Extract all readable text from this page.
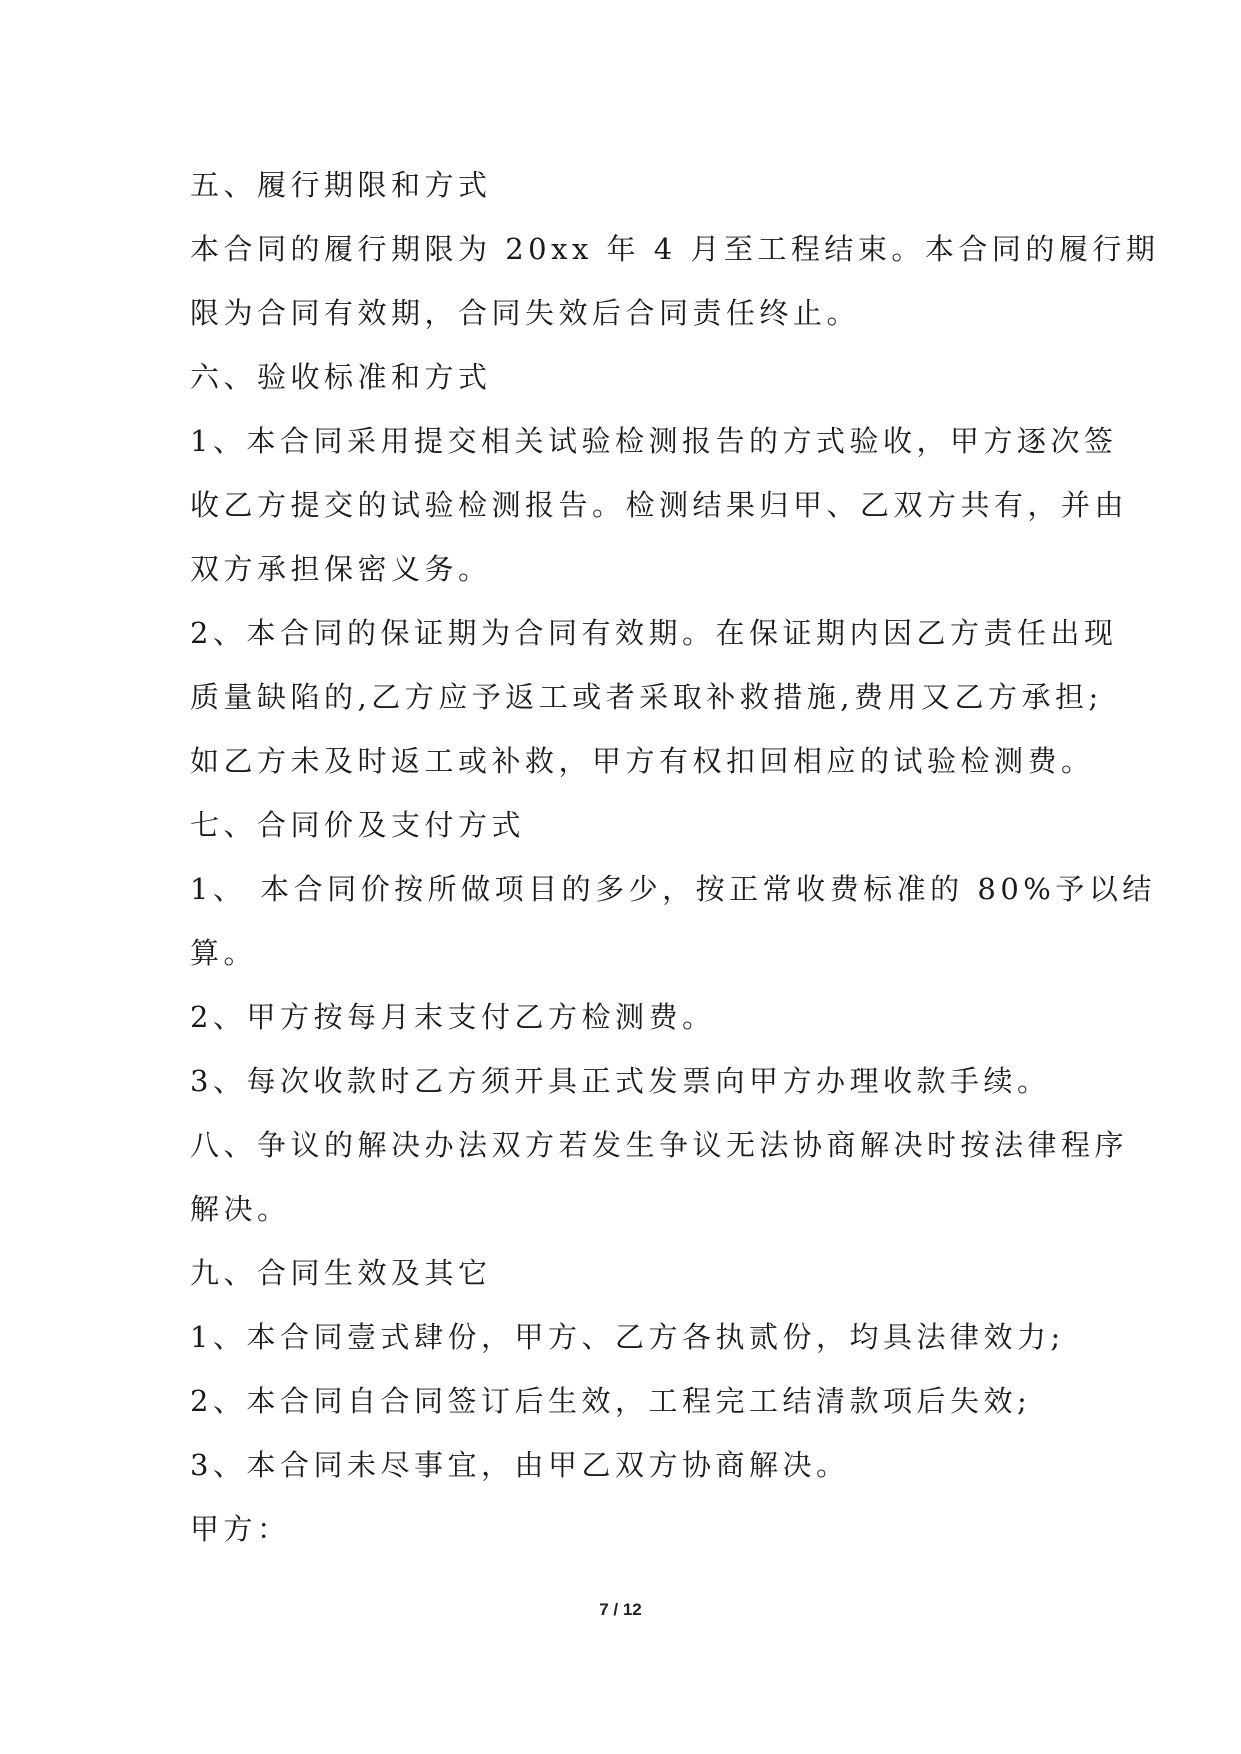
五、履行期限和方式
本合同的履行期限为 20xx 年 4 月至工程结束。本合同的履行期
限为合同有效期，合同失效后合同责任终止。
六、验收标准和方式
1、本合同采用提交相关试验检测报告的方式验收，甲方逐次签
收乙方提交的试验检测报告。检测结果归甲、乙双方共有，并由
双方承担保密义务。
2、本合同的保证期为合同有效期。在保证期内因乙方责任出现
质量缺陷的,乙方应予返工或者采取补救措施,费用又乙方承担;
如乙方未及时返工或补救，甲方有权扣回相应的试验检测费。
七、合同价及支付方式
1、 本合同价按所做项目的多少，按正常收费标准的 80%予以结
算。
2、甲方按每月末支付乙方检测费。
3、每次收款时乙方须开具正式发票向甲方办理收款手续。
八、争议的解决办法双方若发生争议无法协商解决时按法律程序
解决。
九、合同生效及其它
1、本合同壹式肆份，甲方、乙方各执贰份，均具法律效力;
2、本合同自合同签订后生效，工程完工结清款项后失效;
3、本合同未尽事宜，由甲乙双方协商解决。
甲方：
7 / 12
